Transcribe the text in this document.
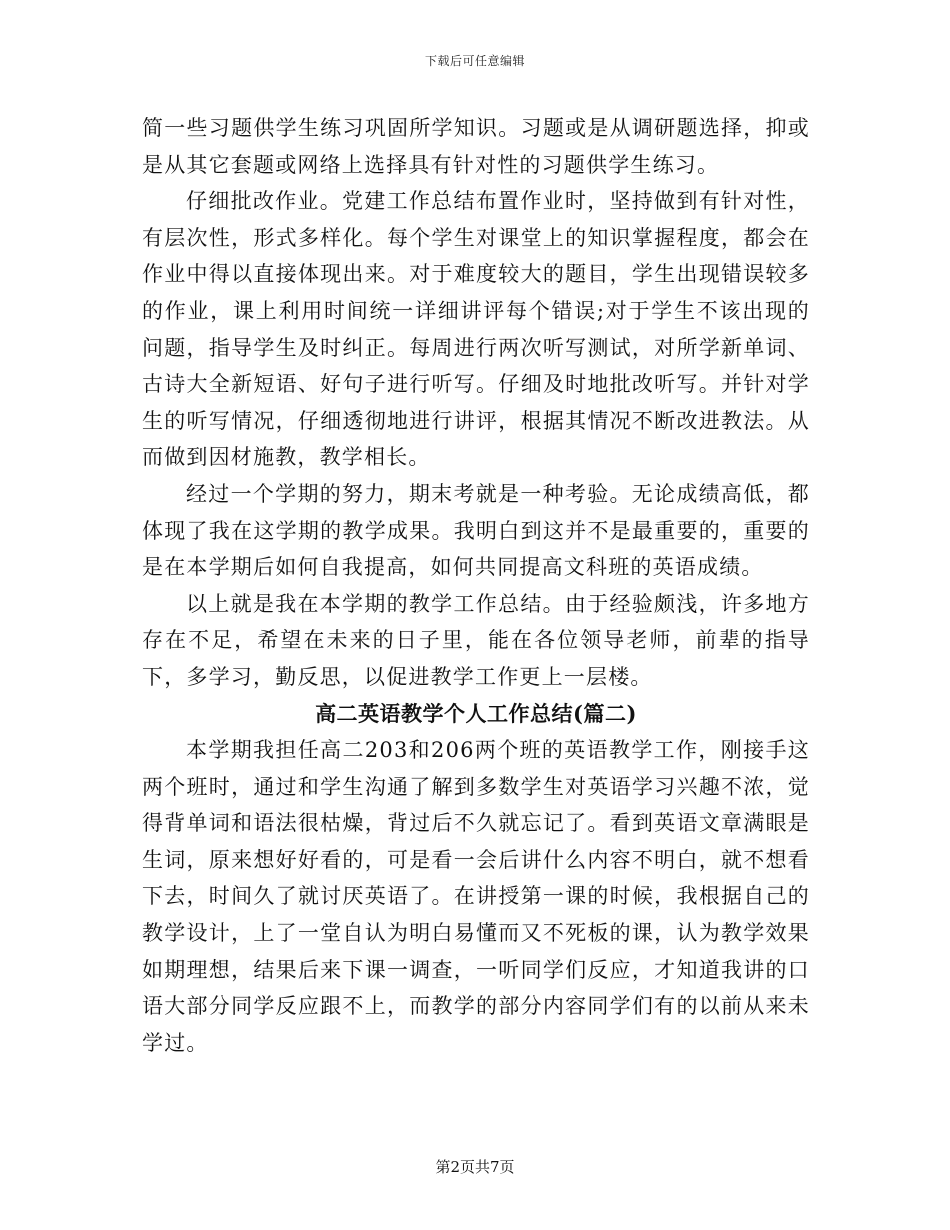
下载后可任意编辑

简一些习题供学生练习巩固所学知识。习题或是从调研题选择，抑或是从其它套题或网络上选择具有针对性的习题供学生练习。

仔细批改作业。党建工作总结布置作业时，坚持做到有针对性，有层次性，形式多样化。每个学生对课堂上的知识掌握程度，都会在作业中得以直接体现出来。对于难度较大的题目，学生出现错误较多的作业，课上利用时间统一详细讲评每个错误;对于学生不该出现的问题，指导学生及时纠正。每周进行两次听写测试，对所学新单词、古诗大全新短语、好句子进行听写。仔细及时地批改听写。并针对学生的听写情况，仔细透彻地进行讲评，根据其情况不断改进教法。从而做到因材施教，教学相长。

经过一个学期的努力，期末考就是一种考验。无论成绩高低，都体现了我在这学期的教学成果。我明白到这并不是最重要的，重要的是在本学期后如何自我提高，如何共同提高文科班的英语成绩。

以上就是我在本学期的教学工作总结。由于经验颇浅，许多地方存在不足，希望在未来的日子里，能在各位领导老师，前辈的指导下，多学习，勤反思，以促进教学工作更上一层楼。

高二英语教学个人工作总结(篇二)

本学期我担任高二203和206两个班的英语教学工作，刚接手这两个班时，通过和学生沟通了解到多数学生对英语学习兴趣不浓，觉得背单词和语法很枯燥，背过后不久就忘记了。看到英语文章满眼是生词，原来想好好看的，可是看一会后讲什么内容不明白，就不想看下去，时间久了就讨厌英语了。在讲授第一课的时候，我根据自己的教学设计，上了一堂自认为明白易懂而又不死板的课，认为教学效果如期理想，结果后来下课一调查，一听同学们反应，才知道我讲的口语大部分同学反应跟不上，而教学的部分内容同学们有的以前从来未学过。

第2页共7页
